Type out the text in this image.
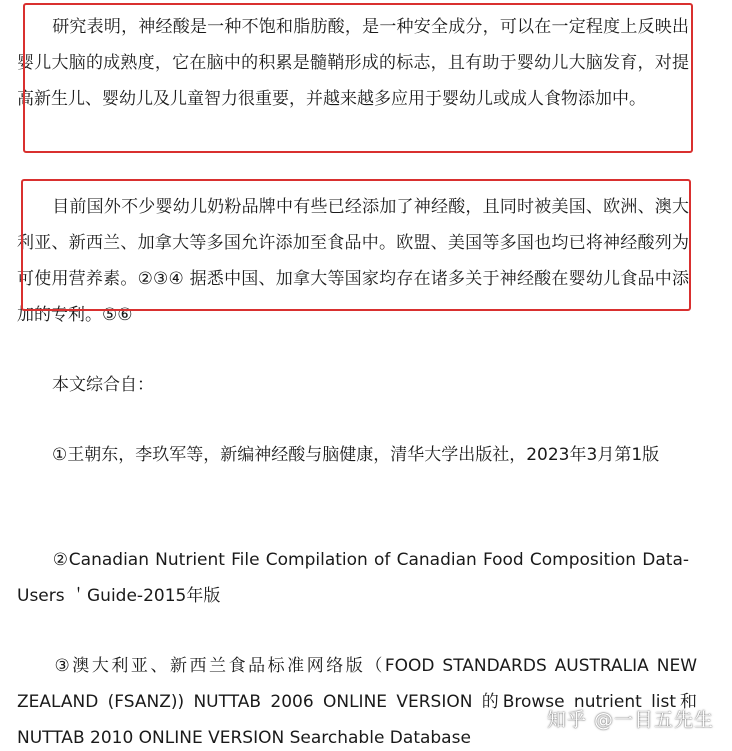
研究表明，神经酸是一种不饱和脂肪酸，是一种安全成分，可以在一定程度上反映出婴儿大脑的成熟度，它在脑中的积累是髓鞘形成的标志，且有助于婴幼儿大脑发育，对提高新生儿、婴幼儿及儿童智力很重要，并越来越多应用于婴幼儿或成人食物添加中。

目前国外不少婴幼儿奶粉品牌中有些已经添加了神经酸，且同时被美国、欧洲、澳大利亚、新西兰、加拿大等多国允许添加至食品中。欧盟、美国等多国也均已将神经酸列为可使用营养素。②③④ 据悉中国、加拿大等国家均存在诸多关于神经酸在婴幼儿食品中添加的专利。⑤⑥

本文综合自：

①王朝东，李玖军等，新编神经酸与脑健康，清华大学出版社，2023年3月第1版

②Canadian Nutrient File Compilation of Canadian Food Composition Data-Users ＇Guide-2015年版

③澳大利亚、新西兰食品标准网络版（FOOD STANDARDS AUSTRALIA NEW ZEALAND (FSANZ)) NUTTAB 2006 ONLINE VERSION 的Browse nutrient list和 NUTTAB 2010 ONLINE VERSION Searchable Database

知乎 @一目五先生
